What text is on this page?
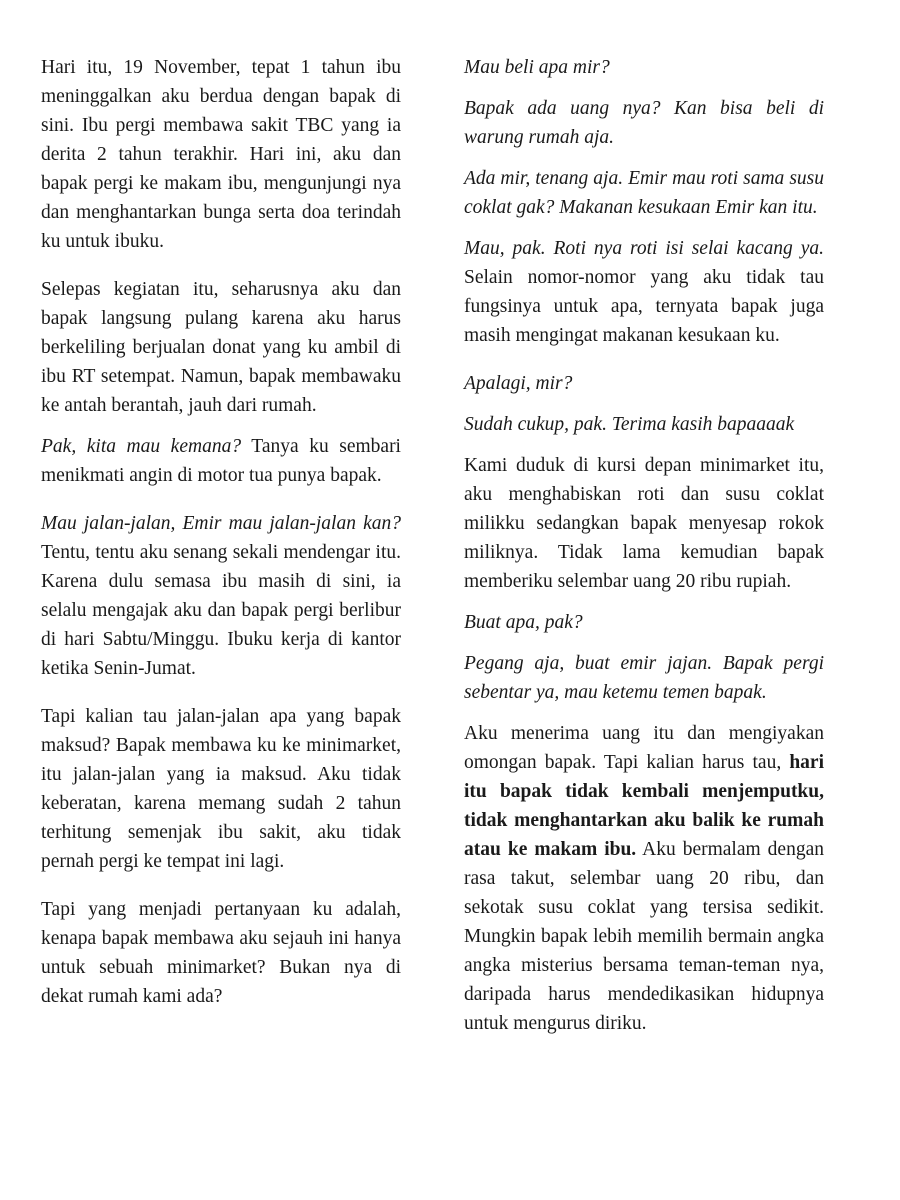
Hari itu, 19 November, tepat 1 tahun ibu meninggalkan aku berdua dengan bapak di sini. Ibu pergi membawa sakit TBC yang ia derita 2 tahun terakhir. Hari ini, aku dan bapak pergi ke makam ibu, mengunjungi nya dan menghantarkan bunga serta doa terindah ku untuk ibuku.

Selepas kegiatan itu, seharusnya aku dan bapak langsung pulang karena aku harus berkeliling berjualan donat yang ku ambil di ibu RT setempat. Namun, bapak membawaku ke antah berantah, jauh dari rumah.

Pak, kita mau kemana? Tanya ku sembari menikmati angin di motor tua punya bapak.

Mau jalan-jalan, Emir mau jalan-jalan kan? Tentu, tentu aku senang sekali mendengar itu. Karena dulu semasa ibu masih di sini, ia selalu mengajak aku dan bapak pergi berlibur di hari Sabtu/Minggu. Ibuku kerja di kantor ketika Senin-Jumat.

Tapi kalian tau jalan-jalan apa yang bapak maksud? Bapak membawa ku ke minimarket, itu jalan-jalan yang ia maksud. Aku tidak keberatan, karena memang sudah 2 tahun terhitung semenjak ibu sakit, aku tidak pernah pergi ke tempat ini lagi.

Tapi yang menjadi pertanyaan ku adalah, kenapa bapak membawa aku sejauh ini hanya untuk sebuah minimarket? Bukan nya di dekat rumah kami ada?

Mau beli apa mir?

Bapak ada uang nya? Kan bisa beli di warung rumah aja.

Ada mir, tenang aja. Emir mau roti sama susu coklat gak? Makanan kesukaan Emir kan itu.

Mau, pak. Roti nya roti isi selai kacang ya. Selain nomor-nomor yang aku tidak tau fungsinya untuk apa, ternyata bapak juga masih mengingat makanan kesukaan ku.

Apalagi, mir?

Sudah cukup, pak. Terima kasih bapaaaak

Kami duduk di kursi depan minimarket itu, aku menghabiskan roti dan susu coklat milikku sedangkan bapak menyesap rokok miliknya. Tidak lama kemudian bapak memberiku selembar uang 20 ribu rupiah.

Buat apa, pak?

Pegang aja, buat emir jajan. Bapak pergi sebentar ya, mau ketemu temen bapak.

Aku menerima uang itu dan mengiyakan omongan bapak. Tapi kalian harus tau, hari itu bapak tidak kembali menjemputku, tidak menghantarkan aku balik ke rumah atau ke makam ibu. Aku bermalam dengan rasa takut, selembar uang 20 ribu, dan sekotak susu coklat yang tersisa sedikit. Mungkin bapak lebih memilih bermain angka angka misterius bersama teman-teman nya, daripada harus mendedikasikan hidupnya untuk mengurus diriku.
